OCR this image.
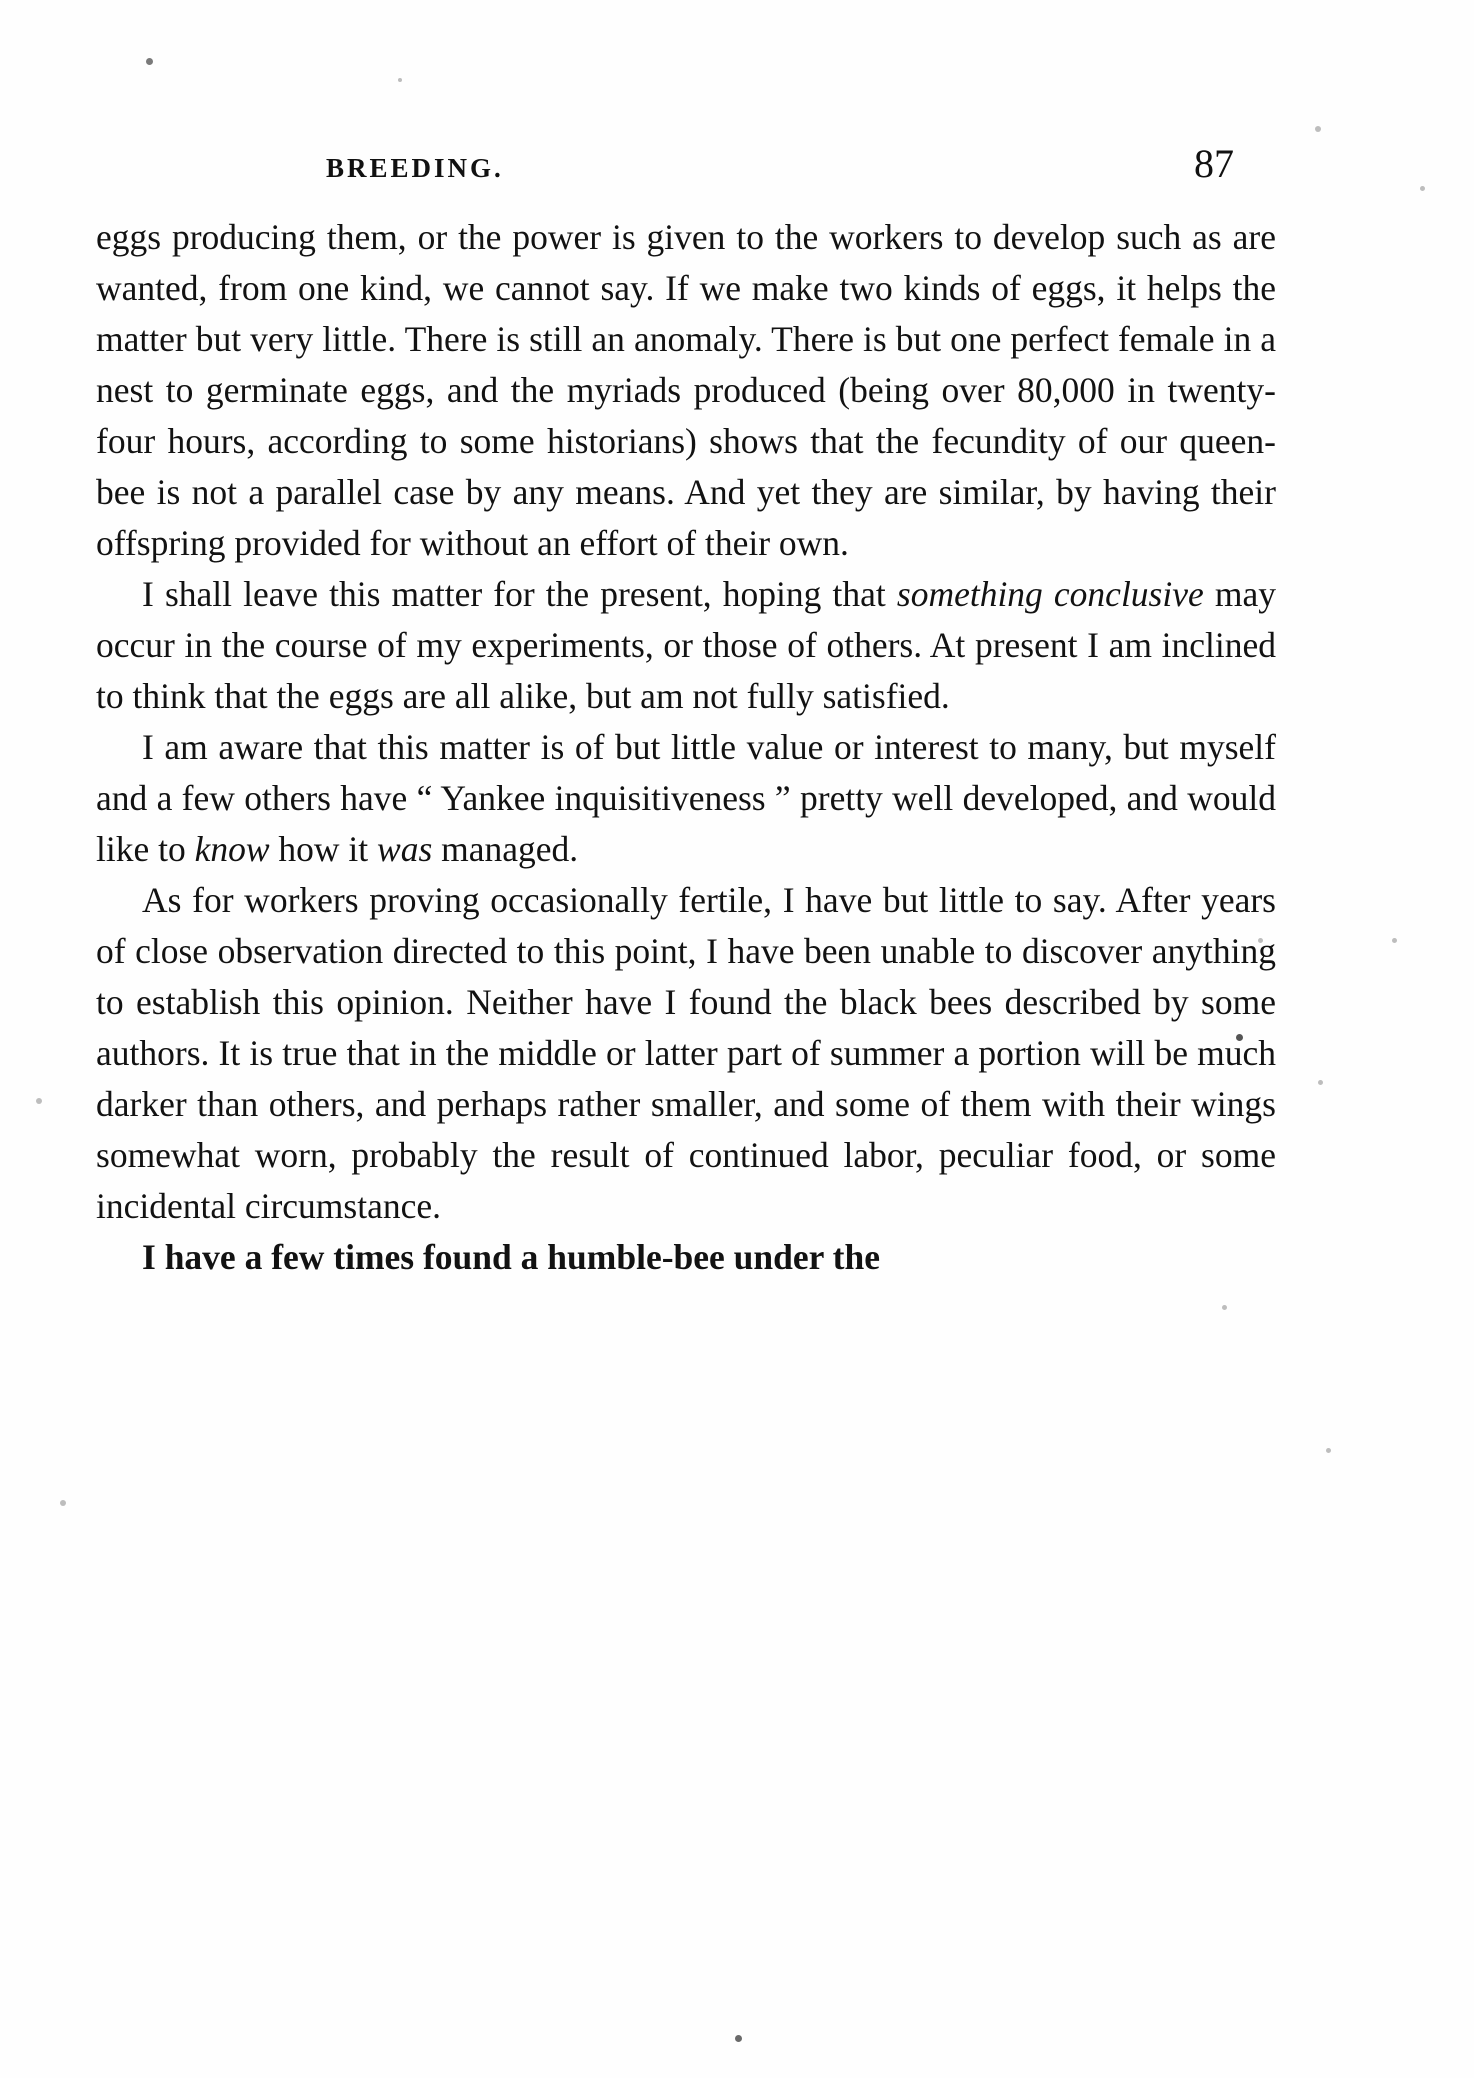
BREEDING.	87

eggs producing them, or the power is given to the workers to develop such as are wanted, from one kind, we cannot say. If we make two kinds of eggs, it helps the matter but very little. There is still an anomaly. There is but one perfect female in a nest to germinate eggs, and the myriads produced (being over 80,000 in twenty-four hours, according to some historians) shows that the fecundity of our queen-bee is not a parallel case by any means. And yet they are similar, by having their offspring provided for without an effort of their own.

I shall leave this matter for the present, hoping that something conclusive may occur in the course of my experiments, or those of others. At present I am inclined to think that the eggs are all alike, but am not fully satisfied.

I am aware that this matter is of but little value or interest to many, but myself and a few others have “ Yankee inquisitiveness ” pretty well developed, and would like to know how it was managed.

As for workers proving occasionally fertile, I have but little to say. After years of close observation directed to this point, I have been unable to discover anything to establish this opinion. Neither have I found the black bees described by some authors. It is true that in the middle or latter part of summer a portion will be much darker than others, and perhaps rather smaller, and some of them with their wings somewhat worn, probably the result of continued labor, peculiar food, or some incidental circumstance.

I have a few times found a humble-bee under the
